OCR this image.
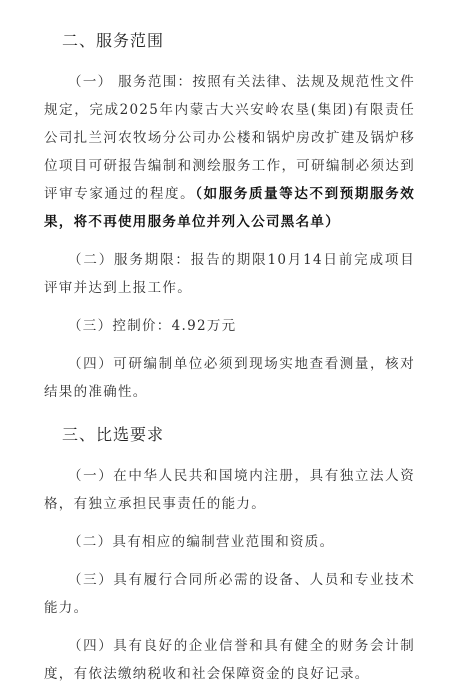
二、服务范围

（一） 服务范围：按照有关法律、法规及规范性文件规定，完成2025年内蒙古大兴安岭农垦(集团)有限责任公司扎兰河农牧场分公司办公楼和锅炉房改扩建及锅炉移位项目可研报告编制和测绘服务工作，可研编制必须达到评审专家通过的程度。（如服务质量等达不到预期服务效果，将不再使用服务单位并列入公司黑名单）

（二）服务期限：报告的期限10月14日前完成项目评审并达到上报工作。

（三）控制价：4.92万元

（四）可研编制单位必须到现场实地查看测量，核对结果的准确性。

三、比选要求

（一）在中华人民共和国境内注册，具有独立法人资格，有独立承担民事责任的能力。

（二）具有相应的编制营业范围和资质。

（三）具有履行合同所必需的设备、人员和专业技术能力。

（四）具有良好的企业信誉和具有健全的财务会计制度，有依法缴纳税收和社会保障资金的良好记录。
